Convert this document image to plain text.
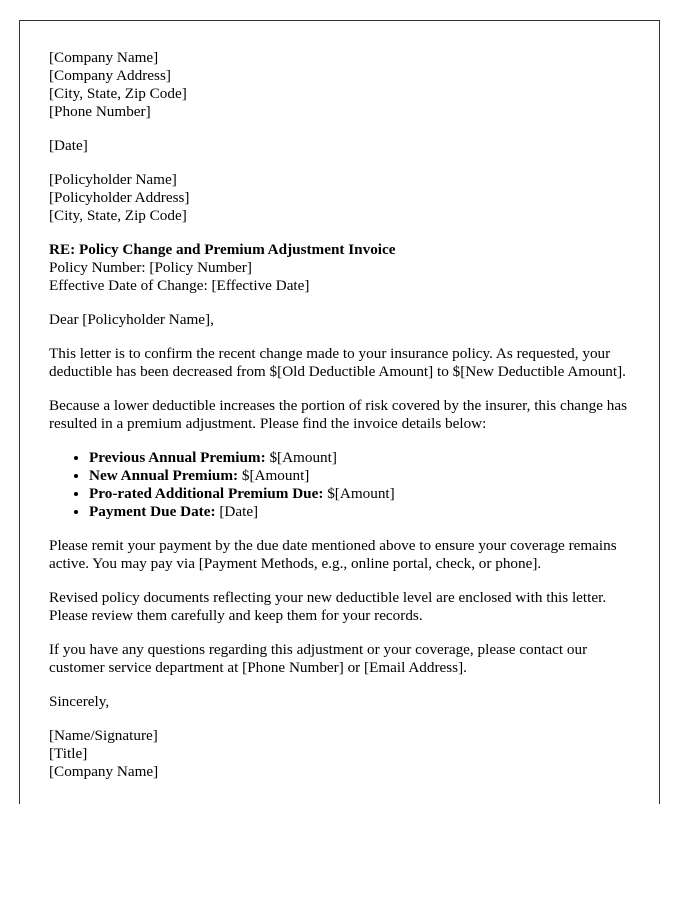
[Company Name]
[Company Address]
[City, State, Zip Code]
[Phone Number]
[Date]
[Policyholder Name]
[Policyholder Address]
[City, State, Zip Code]
RE: Policy Change and Premium Adjustment Invoice
Policy Number: [Policy Number]
Effective Date of Change: [Effective Date]

Dear [Policyholder Name],

This letter is to confirm the recent change made to your insurance policy. As requested, your deductible has been decreased from $[Old Deductible Amount] to $[New Deductible Amount].

Because a lower deductible increases the portion of risk covered by the insurer, this change has resulted in a premium adjustment. Please find the invoice details below:

• Previous Annual Premium: $[Amount]
• New Annual Premium: $[Amount]
• Pro-rated Additional Premium Due: $[Amount]
• Payment Due Date: [Date]

Please remit your payment by the due date mentioned above to ensure your coverage remains active. You may pay via [Payment Methods, e.g., online portal, check, or phone].

Revised policy documents reflecting your new deductible level are enclosed with this letter. Please review them carefully and keep them for your records.

If you have any questions regarding this adjustment or your coverage, please contact our customer service department at [Phone Number] or [Email Address].

Sincerely,

[Name/Signature]
[Title]
[Company Name]
